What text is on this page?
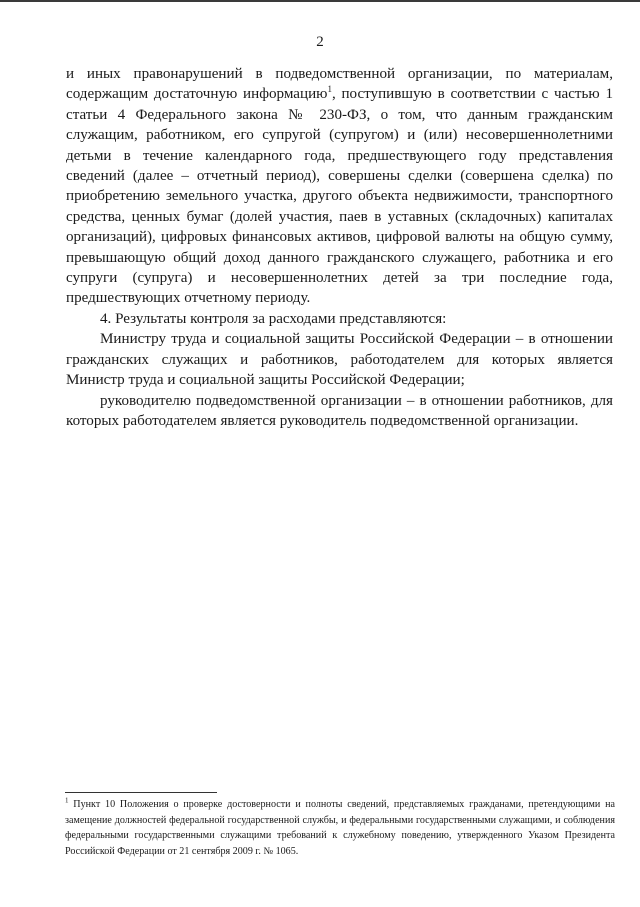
2

и иных правонарушений в подведомственной организации, по материалам, содержащим достаточную информацию$^1$, поступившую в соответствии с частью 1 статьи 4 Федерального закона № 230-ФЗ, о том, что данным гражданским служащим, работником, его супругой (супругом) и (или) несовершеннолетними детьми в течение календарного года, предшествующего году представления сведений (далее – отчетный период), совершены сделки (совершена сделка) по приобретению земельного участка, другого объекта недвижимости, транспортного средства, ценных бумаг (долей участия, паев в уставных (складочных) капиталах организаций), цифровых финансовых активов, цифровой валюты на общую сумму, превышающую общий доход данного гражданского служащего, работника и его супруги (супруга) и несовершеннолетних детей за три последние года, предшествующих отчетному периоду.

4. Результаты контроля за расходами представляются:

Министру труда и социальной защиты Российской Федерации – в отношении гражданских служащих и работников, работодателем для которых является Министр труда и социальной защиты Российской Федерации;

руководителю подведомственной организации – в отношении работников, для которых работодателем является руководитель подведомственной организации.

$^1$ Пункт 10 Положения о проверке достоверности и полноты сведений, представляемых гражданами, претендующими на замещение должностей федеральной государственной службы, и федеральными государственными служащими, и соблюдения федеральными государственными служащими требований к служебному поведению, утвержденного Указом Президента Российской Федерации от 21 сентября 2009 г. № 1065.
